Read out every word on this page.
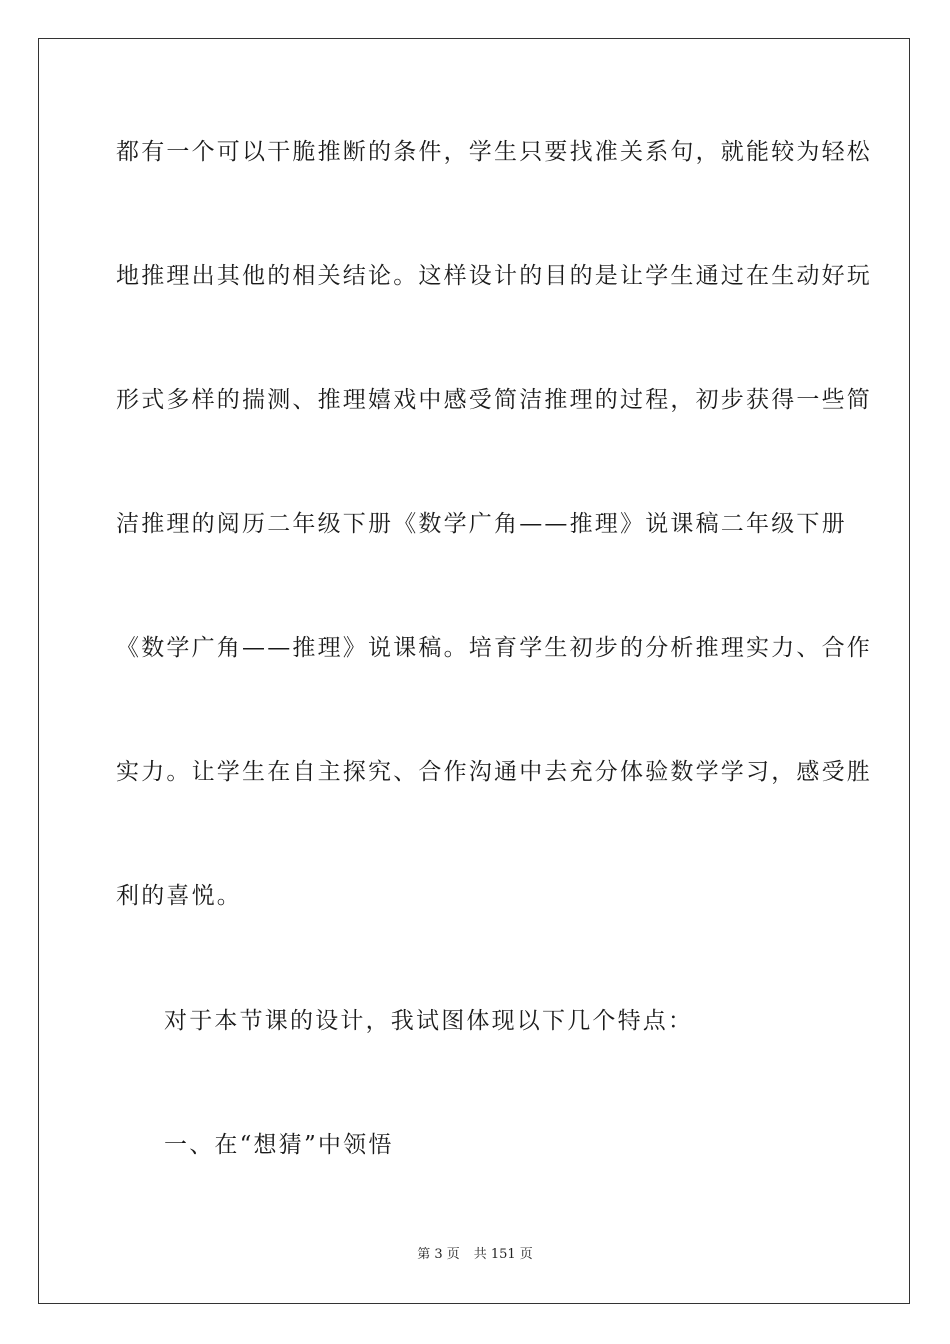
都有一个可以干脆推断的条件，学生只要找准关系句，就能较为轻松
地推理出其他的相关结论。这样设计的目的是让学生通过在生动好玩
形式多样的揣测、推理嬉戏中感受简洁推理的过程，初步获得一些简
洁推理的阅历二年级下册《数学广角——推理》说课稿二年级下册
《数学广角——推理》说课稿。培育学生初步的分析推理实力、合作
实力。让学生在自主探究、合作沟通中去充分体验数学学习，感受胜
利的喜悦。
对于本节课的设计，我试图体现以下几个特点：
一、在“想猜”中领悟
第 3 页 共 151 页
